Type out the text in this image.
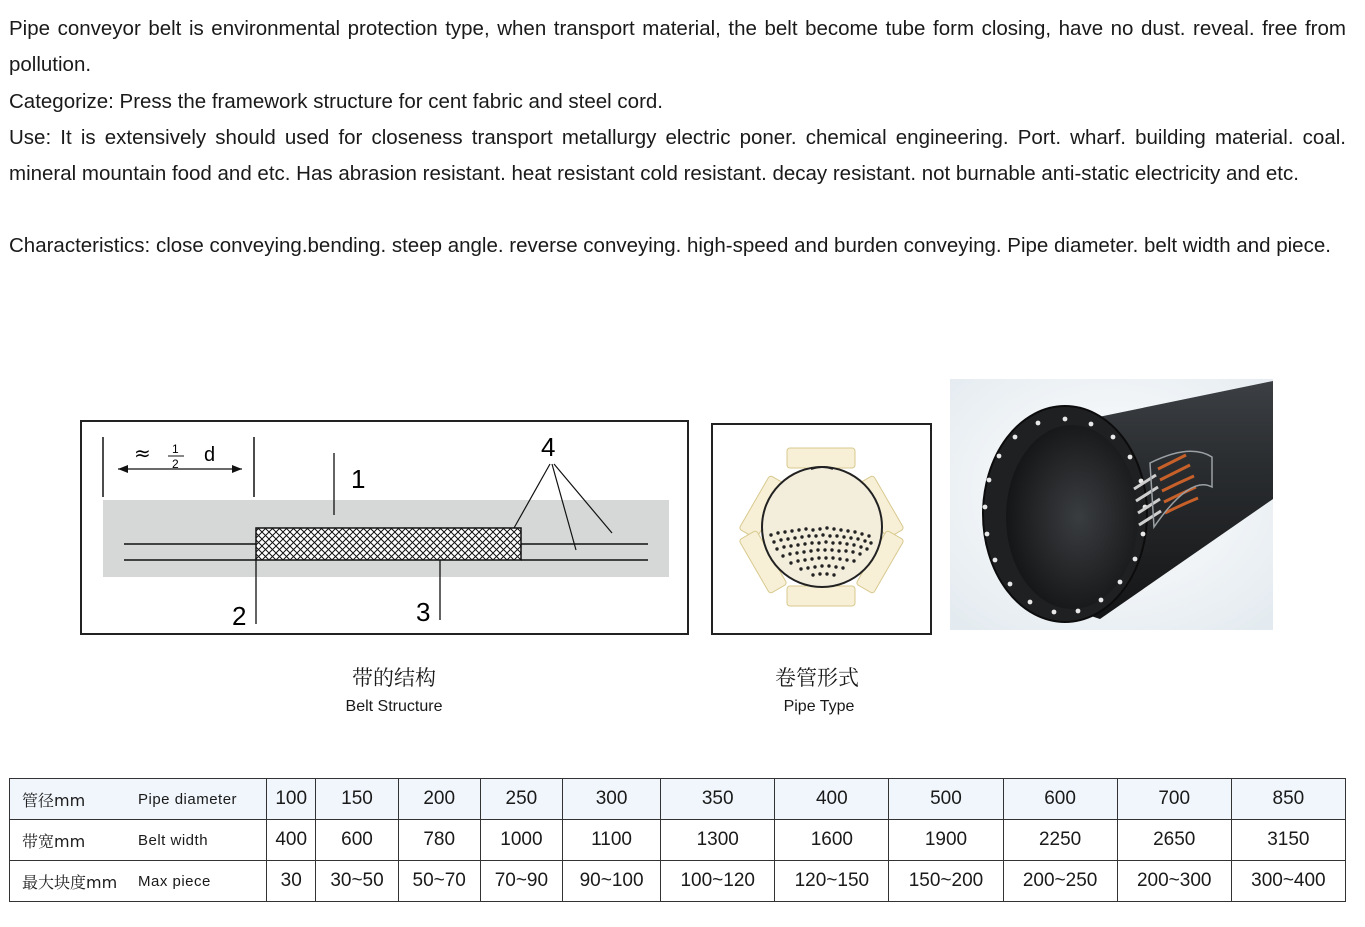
Pipe conveyor belt is environmental protection type, when transport material, the belt become tube form closing, have no dust. reveal. free from pollution.

Categorize: Press the framework structure for cent fabric and steel cord.

Use: It is extensively should used for closeness transport metallurgy electric poner. chemical engineering. Port. wharf. building material. coal. mineral mountain food and etc. Has abrasion resistant. heat resistant cold resistant. decay resistant. not burnable anti-static electricity and etc.

Characteristics: close conveying.bending. steep angle. reverse conveying. high-speed and burden conveying. Pipe diameter. belt width and piece.

≈ 1
2 d
1
2	3
4
带的结构
Belt Structure
卷管形式
Pipe Type
管径mm	Pipe diameter	100	150	200	250	300	350	400	500	600	700	850
带宽mm	Belt width	400	600	780	1000	1100	1300	1600	1900	2250	2650	3150
最大块度mm	Max piece	30	30~50	50~70	70~90	90~100	100~120	120~150	150~200	200~250	200~300	300~400
